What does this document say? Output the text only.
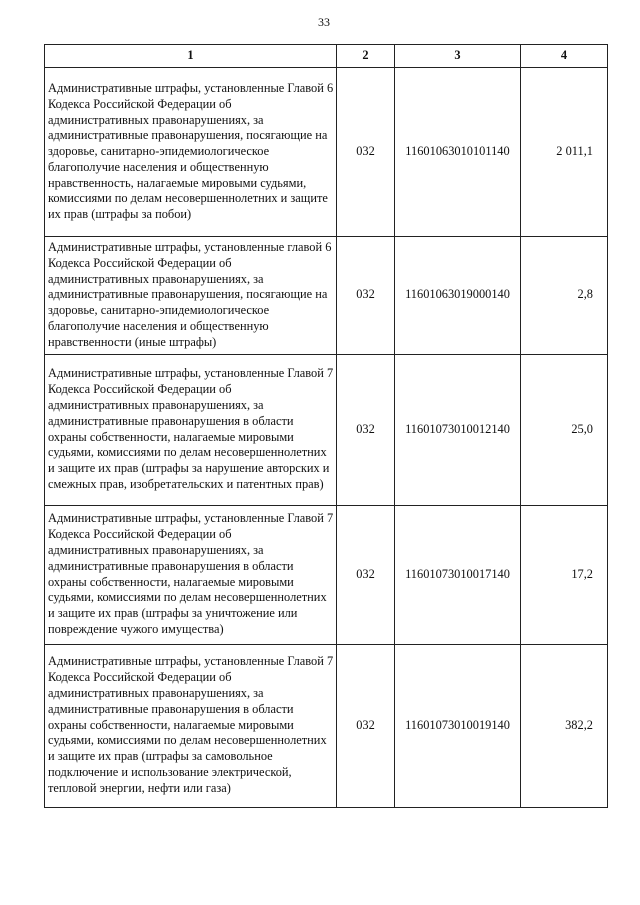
33
1	2	3	4
Административные штрафы, установленные Главой 6 Кодекса Российской Федерации об административных правонарушениях, за административные правонарушения, посягающие на здоровье, санитарно-эпидемиологическое благополучие населения и общественную нравственность, налагаемые мировыми судьями, комиссиями по делам несовершеннолетних и защите их прав (штрафы за побои)	032	11601063010101140	2 011,1
Административные штрафы, установленные главой 6 Кодекса Российской Федерации об административных правонарушениях, за административные правонарушения, посягающие на здоровье, санитарно-эпидемиологическое благополучие населения и общественную нравственности (иные штрафы)	032	11601063019000140	2,8
Административные штрафы, установленные Главой 7 Кодекса Российской Федерации об административных правонарушениях, за административные правонарушения в области охраны собственности, налагаемые мировыми судьями, комиссиями по делам несовершеннолетних и защите их прав (штрафы за нарушение авторских и смежных прав, изобретательских и патентных прав)	032	11601073010012140	25,0
Административные штрафы, установленные Главой 7 Кодекса Российской Федерации об административных правонарушениях, за административные правонарушения в области охраны собственности, налагаемые мировыми судьями, комиссиями по делам несовершеннолетних и защите их прав (штрафы за уничтожение или повреждение чужого имущества)	032	11601073010017140	17,2
Административные штрафы, установленные Главой 7 Кодекса Российской Федерации об административных правонарушениях, за административные правонарушения в области охраны собственности, налагаемые мировыми судьями, комиссиями по делам несовершеннолетних и защите их прав (штрафы за самовольное подключение и использование электрической, тепловой энергии, нефти или газа)	032	11601073010019140	382,2
